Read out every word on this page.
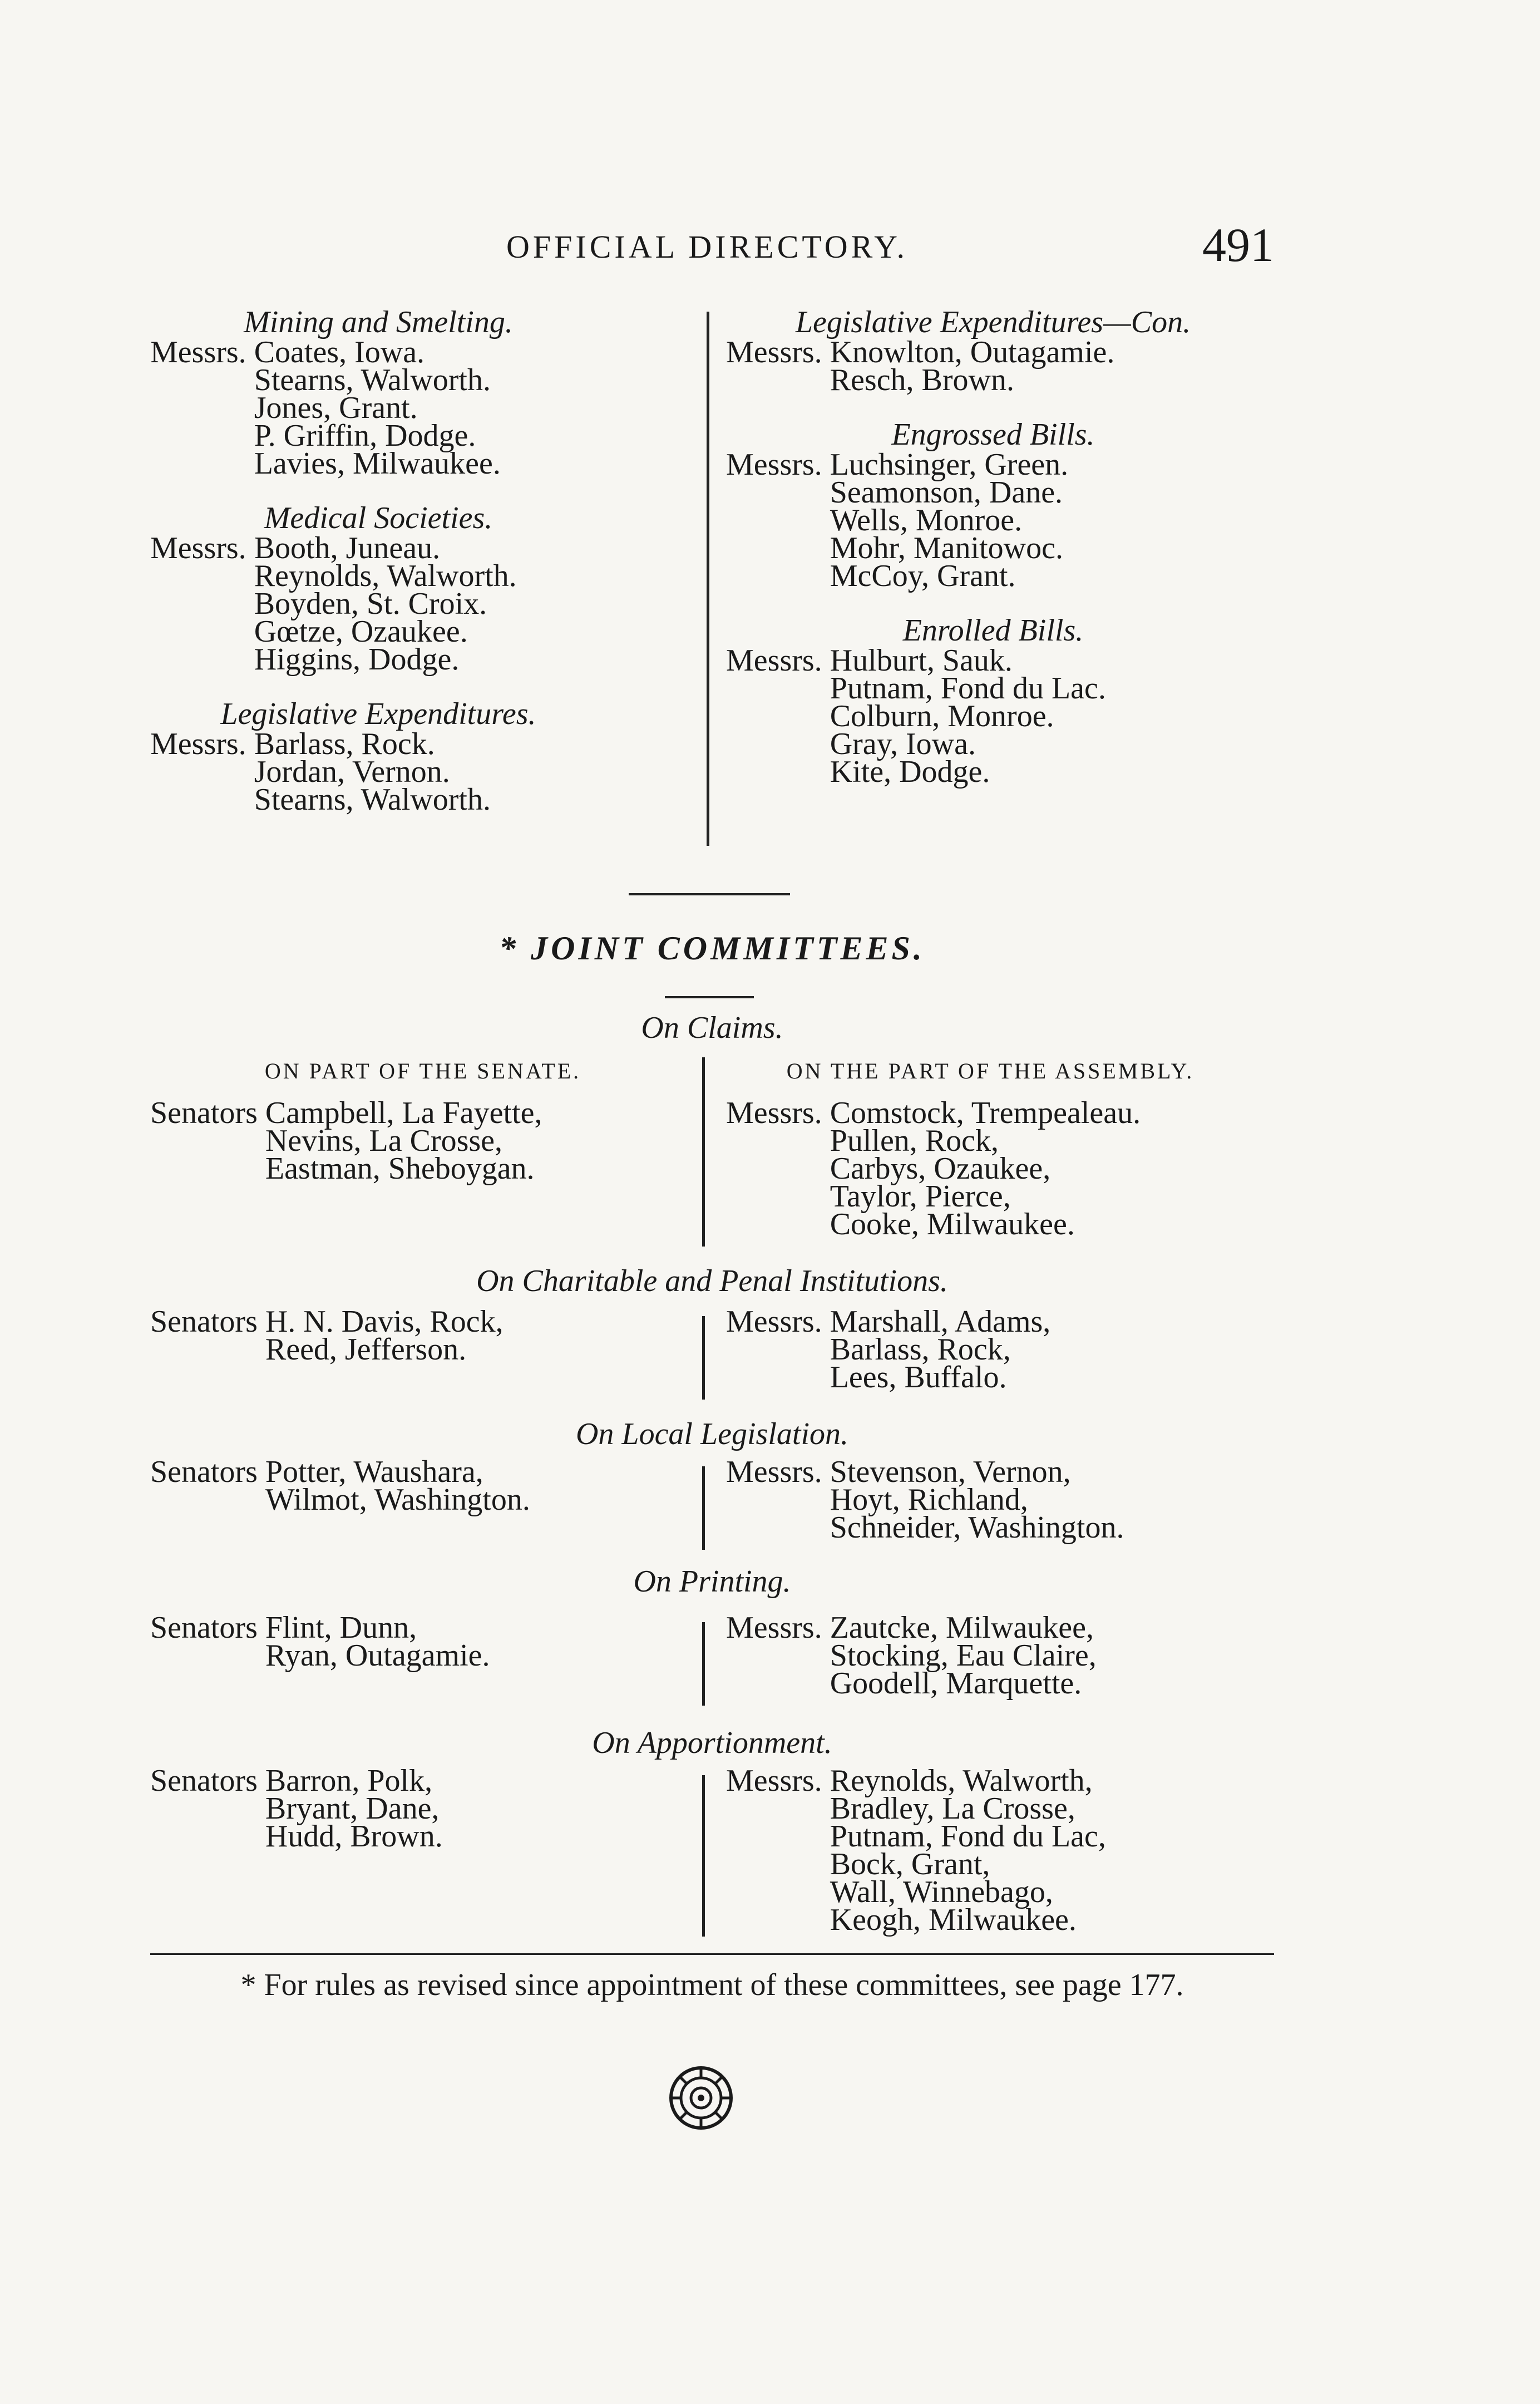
OFFICIAL DIRECTORY.	491
Mining and Smelting.
Messrs. Coates, Iowa.
Stearns, Walworth.
Jones, Grant.
P. Griffin, Dodge.
Lavies, Milwaukee.
Medical Societies.
Messrs. Booth, Juneau.
Reynolds, Walworth.
Boyden, St. Croix.
Gœtze, Ozaukee.
Higgins, Dodge.
Legislative Expenditures.
Messrs. Barlass, Rock.
Jordan, Vernon.
Stearns, Walworth.
Legislative Expenditures—Con.
Messrs. Knowlton, Outagamie.
Resch, Brown.
Engrossed Bills.
Messrs. Luchsinger, Green.
Seamonson, Dane.
Wells, Monroe.
Mohr, Manitowoc.
McCoy, Grant.
Enrolled Bills.
Messrs. Hulburt, Sauk.
Putnam, Fond du Lac.
Colburn, Monroe.
Gray, Iowa.
Kite, Dodge.
* JOINT COMMITTEES.
On Claims.
ON PART OF THE SENATE.	ON THE PART OF THE ASSEMBLY.
Senators Campbell, La Fayette,
Nevins, La Crosse,
Eastman, Sheboygan.
Messrs. Comstock, Trempealeau.
Pullen, Rock,
Carbys, Ozaukee,
Taylor, Pierce,
Cooke, Milwaukee.
On Charitable and Penal Institutions.
Senators H. N. Davis, Rock,
Reed, Jefferson.
Messrs. Marshall, Adams,
Barlass, Rock,
Lees, Buffalo.
On Local Legislation.
Senators Potter, Waushara,
Wilmot, Washington.
Messrs. Stevenson, Vernon,
Hoyt, Richland,
Schneider, Washington.
On Printing.
Senators Flint, Dunn,
Ryan, Outagamie.
Messrs. Zautcke, Milwaukee,
Stocking, Eau Claire,
Goodell, Marquette.
On Apportionment.
Senators Barron, Polk,
Bryant, Dane,
Hudd, Brown.
Messrs. Reynolds, Walworth,
Bradley, La Crosse,
Putnam, Fond du Lac,
Bock, Grant,
Wall, Winnebago,
Keogh, Milwaukee.
* For rules as revised since appointment of these committees, see page 177.
